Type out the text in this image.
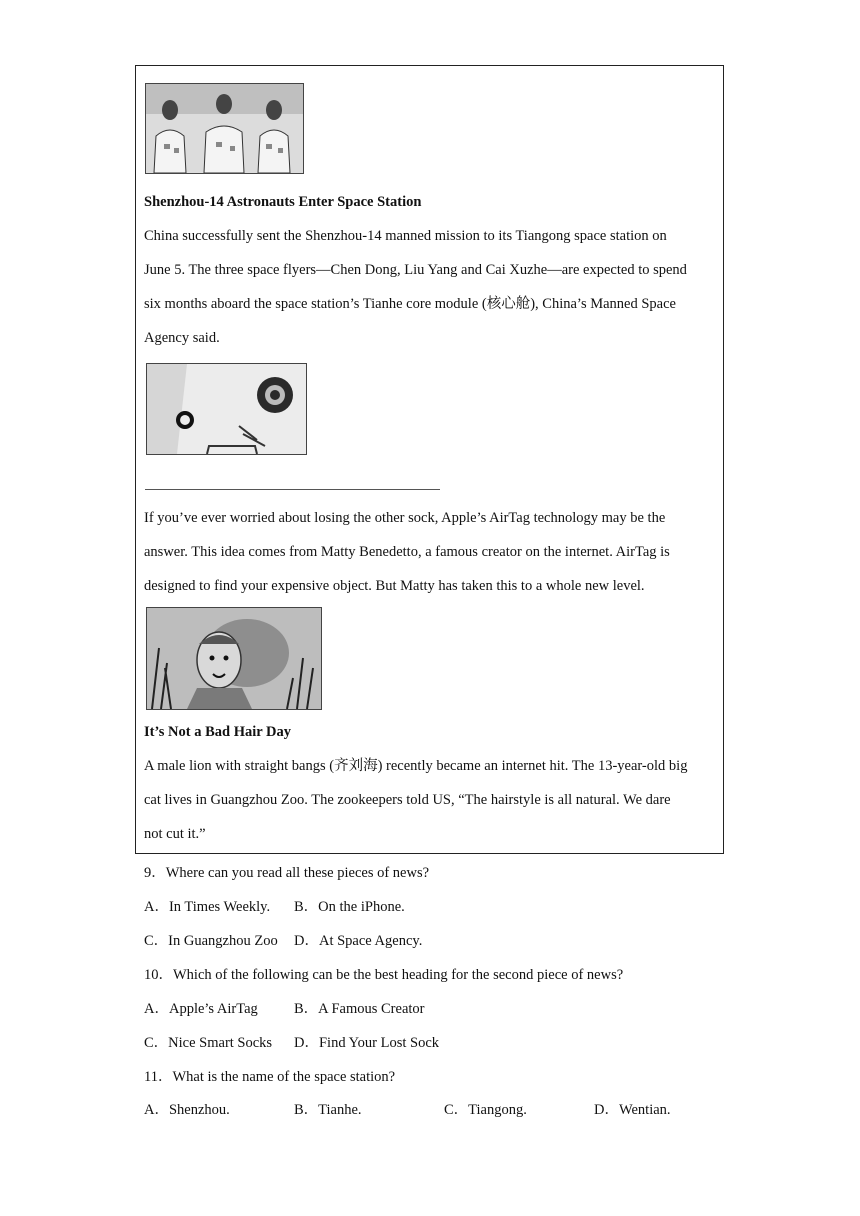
Shenzhou-14 Astronauts Enter Space Station
China successfully sent the Shenzhou-14 manned mission to its Tiangong space station on
June 5. The three space flyers—Chen Dong, Liu Yang and Cai Xuzhe—are expected to spend
six months aboard the space station’s Tianhe core module (核心舱), China’s Manned Space
Agency said.
If you’ve ever worried about losing the other sock, Apple’s AirTag technology may be the
answer. This idea comes from Matty Benedetto, a famous creator on the internet. AirTag is
designed to find your expensive object. But Matty has taken this to a whole new level.
It’s Not a Bad Hair Day
A male lion with straight bangs (齐刘海) recently became an internet hit. The 13-year-old big
cat lives in Guangzhou Zoo. The zookeepers told US, “The hairstyle is all natural. We dare
not cut it.”
9．Where can you read all these pieces of news?
A．In Times Weekly. B．On the iPhone.
C．In Guangzhou Zoo D．At Space Agency.
10．Which of the following can be the best heading for the second piece of news?
A．Apple’s AirTag B．A Famous Creator
C．Nice Smart Socks D．Find Your Lost Sock
11．What is the name of the space station?
A．Shenzhou.	B．Tianhe.	C．Tiangong.	D．Wentian.
